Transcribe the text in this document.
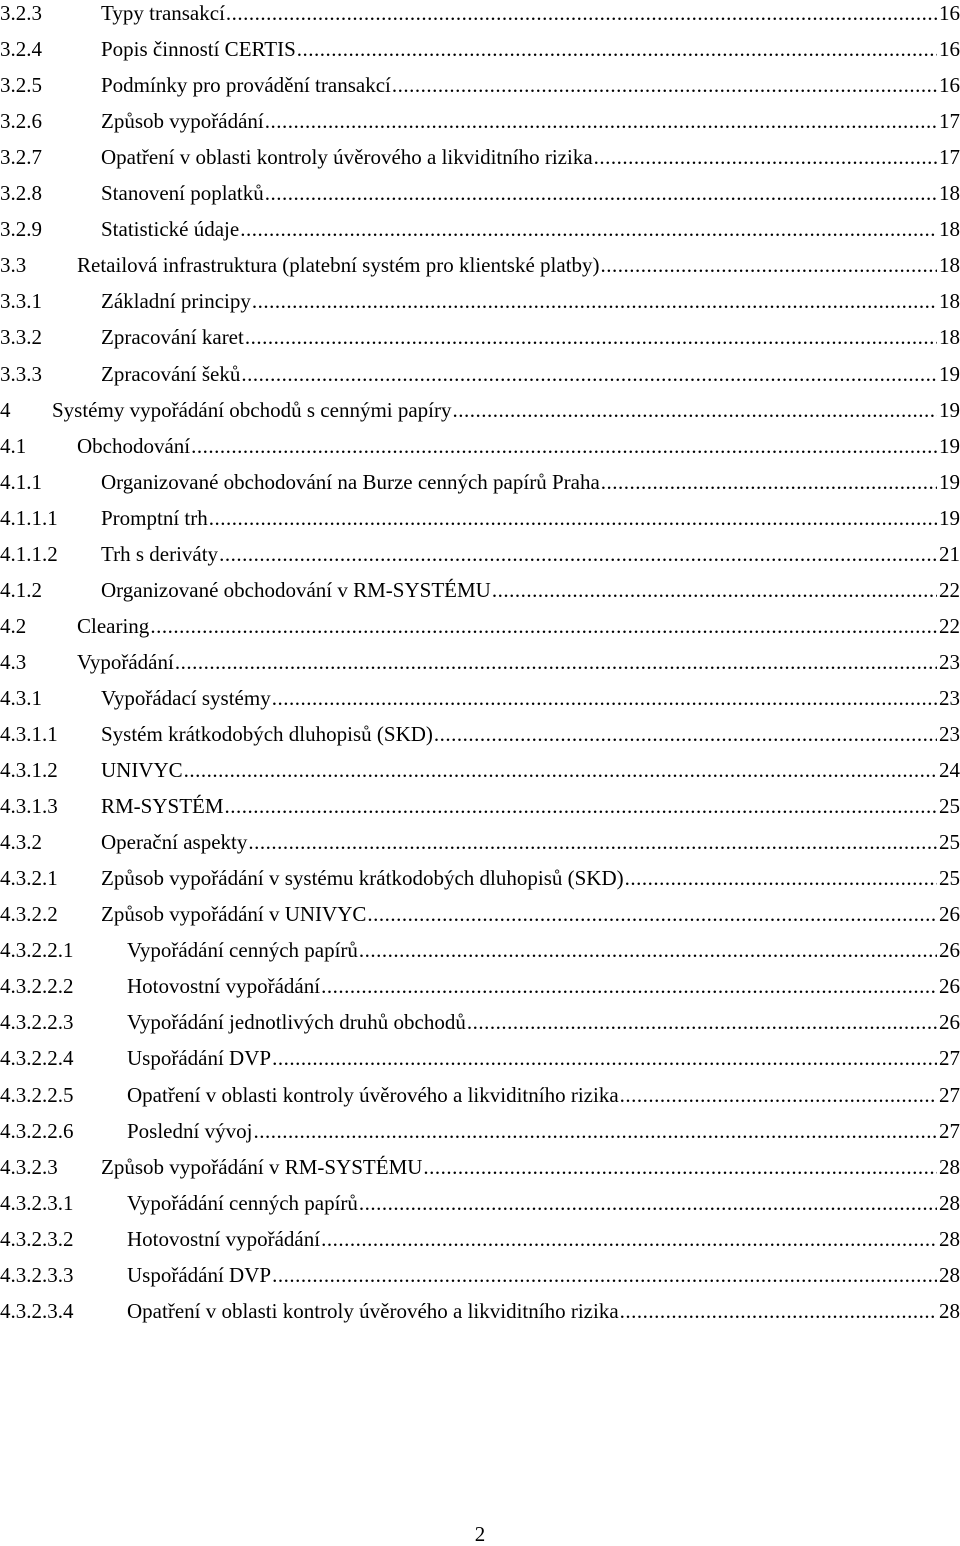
3.2.3	Typy transakcí .....	16
3.2.4	Popis činností CERTIS .....	16
3.2.5	Podmínky pro provádění transakcí .....	16
3.2.6	Způsob vypořádání .....	17
3.2.7	Opatření v oblasti kontroly úvěrového a likviditního rizika .....	17
3.2.8	Stanovení poplatků .....	18
3.2.9	Statistické údaje .....	18
3.3 Retailová infrastruktura (platební systém pro klientské platby) .....	18
3.3.1	Základní principy .....	18
3.3.2	Zpracování karet .....	18
3.3.3	Zpracování šeků .....	19
4 Systémy vypořádání obchodů s cennými papíry .....	19
4.1 Obchodování .....	19
4.1.1	Organizované obchodování na Burze cenných papírů Praha .....	19
4.1.1.1 Promptní trh .....	19
4.1.1.2 Trh s deriváty .....	21
4.1.2	Organizované obchodování v RM-SYSTÉMU .....	22
4.2 Clearing .....	22
4.3 Vypořádání .....	23
4.3.1	Vypořádací systémy .....	23
4.3.1.1 Systém krátkodobých dluhopisů (SKD) .....	23
4.3.1.2 UNIVYC .....	24
4.3.1.3 RM-SYSTÉM .....	25
4.3.2	Operační aspekty .....	25
4.3.2.1 Způsob vypořádání v systému krátkodobých dluhopisů (SKD) .....	25
4.3.2.2 Způsob vypořádání v UNIVYC .....	26
4.3.2.2.1	Vypořádání cenných papírů .....	26
4.3.2.2.2	Hotovostní vypořádání .....	26
4.3.2.2.3	Vypořádání jednotlivých druhů obchodů .....	26
4.3.2.2.4	Uspořádání DVP .....	27
4.3.2.2.5	Opatření v oblasti kontroly úvěrového a likviditního rizika .....	27
4.3.2.2.6	Poslední vývoj .....	27
4.3.2.3 Způsob vypořádání v RM-SYSTÉMU .....	28
4.3.2.3.1	Vypořádání cenných papírů .....	28
4.3.2.3.2	Hotovostní vypořádání .....	28
4.3.2.3.3	Uspořádání DVP .....	28
4.3.2.3.4	Opatření v oblasti kontroly úvěrového a likviditního rizika .....	28
2
